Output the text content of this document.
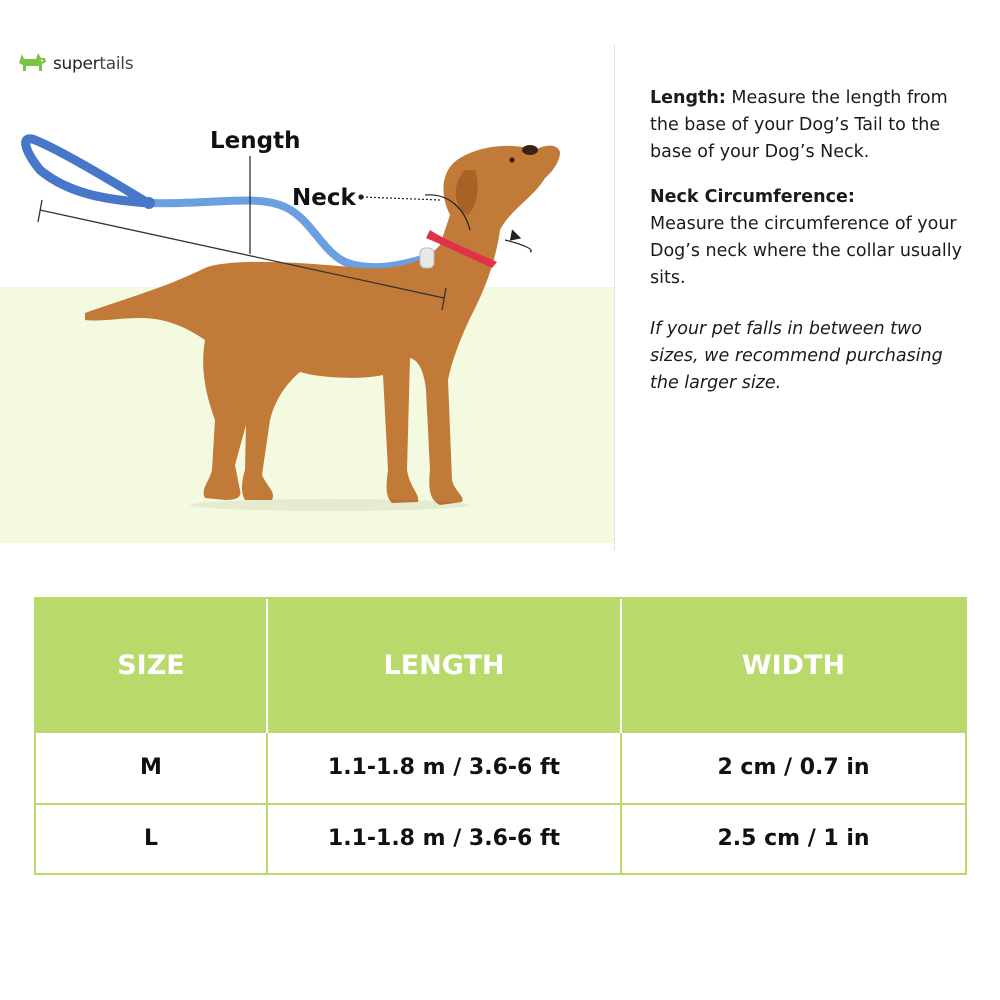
supertails
Length
Neck

Length: Measure the length from the base of your Dog’s Tail to the base of your Dog’s Neck.

Neck Circumference:

Measure the circumference of your Dog’s neck where the collar usually sits.

If your pet falls in between two sizes, we recommend purchasing the larger size.

SIZE	LENGTH	WIDTH
M	1.1-1.8 m / 3.6-6 ft	2 cm / 0.7 in
L	1.1-1.8 m / 3.6-6 ft	2.5 cm / 1 in
